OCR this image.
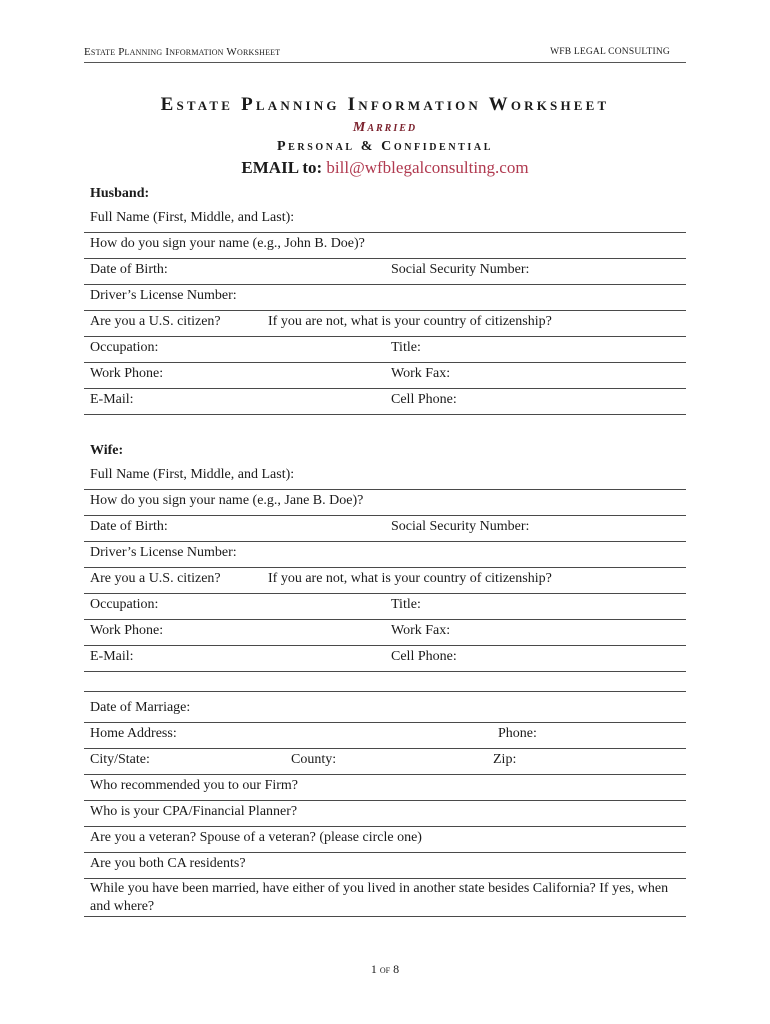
Estate Planning Information Worksheet	WFB LEGAL CONSULTING
Estate Planning Information Worksheet
Married
Personal & Confidential
EMAIL to: bill@wfblegalconsulting.com
Husband:
Full Name (First, Middle, and Last):
How do you sign your name (e.g., John B. Doe)?
Date of Birth:	Social Security Number:
Driver’s License Number:
Are you a U.S. citizen?	If you are not, what is your country of citizenship?
Occupation:	Title:
Work Phone:	Work Fax:
E-Mail:	Cell Phone:
Wife:
Full Name (First, Middle, and Last):
How do you sign your name (e.g., Jane B. Doe)?
Date of Birth:	Social Security Number:
Driver’s License Number:
Are you a U.S. citizen?	If you are not, what is your country of citizenship?
Occupation:	Title:
Work Phone:	Work Fax:
E-Mail:	Cell Phone:
Date of Marriage:
Home Address:	Phone:
City/State:	County:	Zip:
Who recommended you to our Firm?
Who is your CPA/Financial Planner?
Are you a veteran? Spouse of a veteran? (please circle one)
Are you both CA residents?
While you have been married, have either of you lived in another state besides California? If yes, when and where?
1 of 8
